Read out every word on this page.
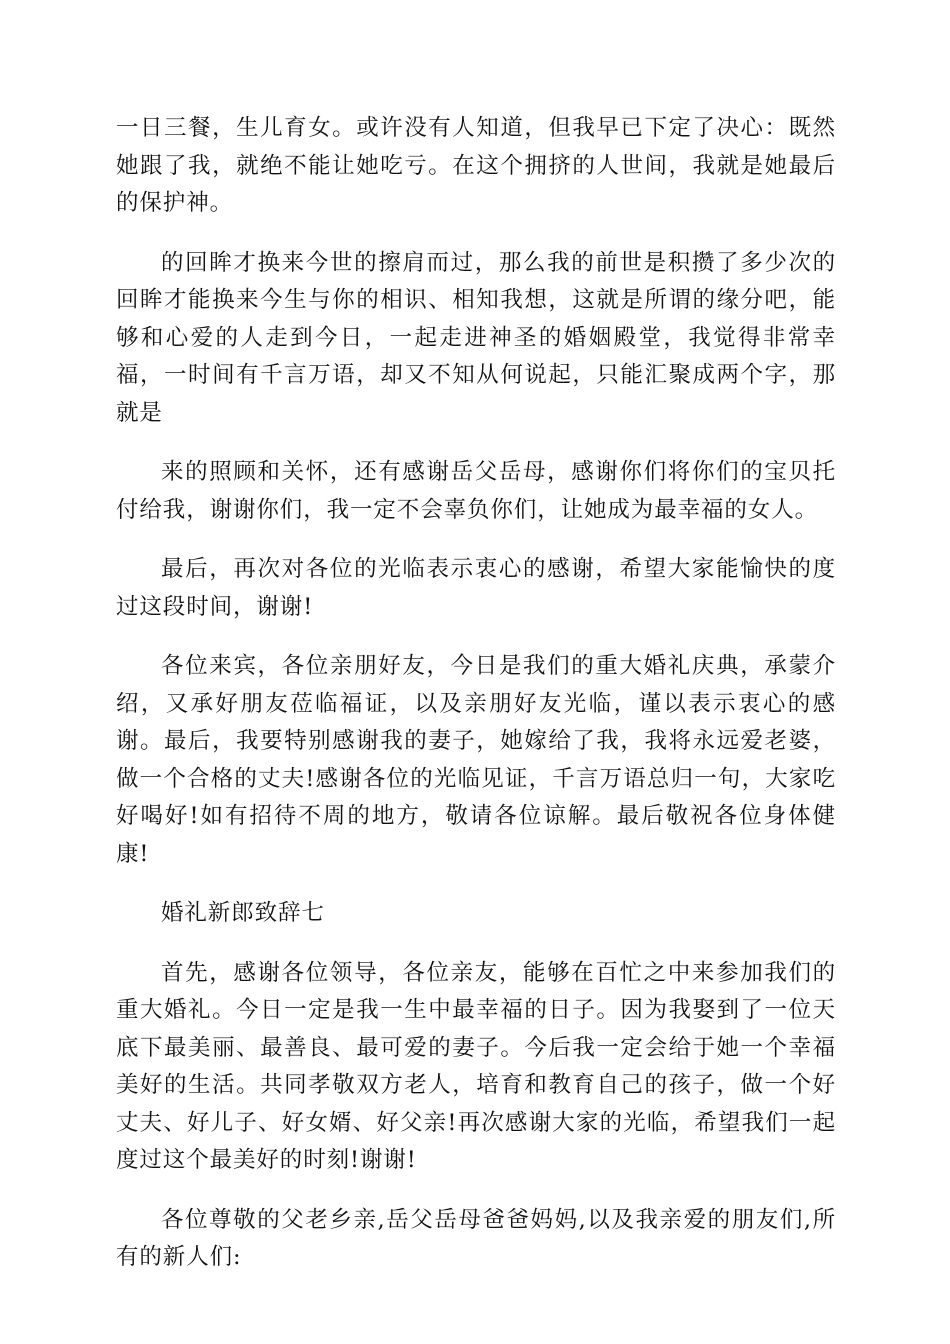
一日三餐，生儿育女。或许没有人知道，但我早已下定了决心：既然她跟了我，就绝不能让她吃亏。在这个拥挤的人世间，我就是她最后的保护神。

的回眸才换来今世的擦肩而过，那么我的前世是积攒了多少次的回眸才能换来今生与你的相识、相知我想，这就是所谓的缘分吧，能够和心爱的人走到今日，一起走进神圣的婚姻殿堂，我觉得非常幸福，一时间有千言万语，却又不知从何说起，只能汇聚成两个字，那就是

来的照顾和关怀，还有感谢岳父岳母，感谢你们将你们的宝贝托付给我，谢谢你们，我一定不会辜负你们，让她成为最幸福的女人。

最后，再次对各位的光临表示衷心的感谢，希望大家能愉快的度过这段时间，谢谢!

各位来宾，各位亲朋好友，今日是我们的重大婚礼庆典，承蒙介绍，又承好朋友莅临福证，以及亲朋好友光临，谨以表示衷心的感谢。最后，我要特别感谢我的妻子，她嫁给了我，我将永远爱老婆，做一个合格的丈夫!感谢各位的光临见证，千言万语总归一句，大家吃好喝好!如有招待不周的地方，敬请各位谅解。最后敬祝各位身体健康!

婚礼新郎致辞七

首先，感谢各位领导，各位亲友，能够在百忙之中来参加我们的重大婚礼。今日一定是我一生中最幸福的日子。因为我娶到了一位天底下最美丽、最善良、最可爱的妻子。今后我一定会给于她一个幸福美好的生活。共同孝敬双方老人，培育和教育自己的孩子，做一个好丈夫、好儿子、好女婿、好父亲!再次感谢大家的光临，希望我们一起度过这个最美好的时刻!谢谢!

各位尊敬的父老乡亲,岳父岳母爸爸妈妈,以及我亲爱的朋友们,所有的新人们:
